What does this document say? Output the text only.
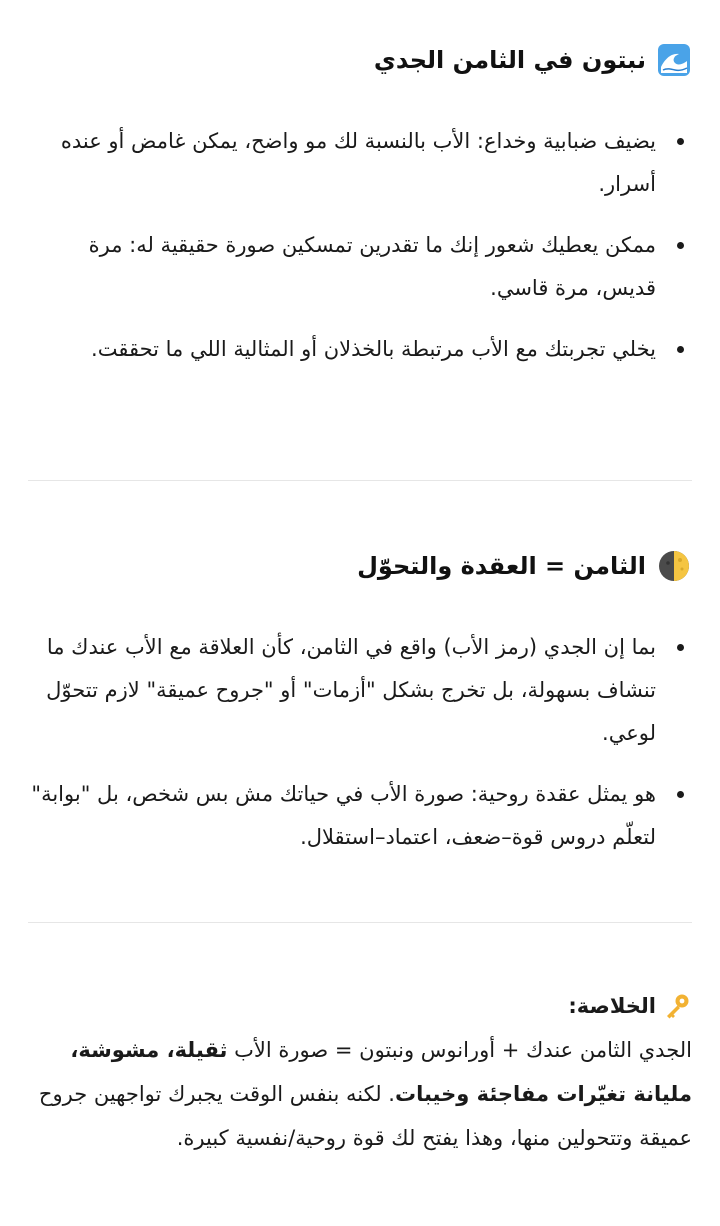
نبتون في الثامن الجدي
يضيف ضبابية وخداع: الأب بالنسبة لك مو واضح، يمكن غامض أو عنده أسرار.
ممكن يعطيك شعور إنك ما تقدرين تمسكين صورة حقيقية له: مرة قديس، مرة قاسي.
يخلي تجربتك مع الأب مرتبطة بالخذلان أو المثالية اللي ما تحققت.
الثامن = العقدة والتحوّل
بما إن الجدي (رمز الأب) واقع في الثامن، كأن العلاقة مع الأب عندك ما تنشاف بسهولة، بل تخرج بشكل "أزمات" أو "جروح عميقة" لازم تتحوّل لوعي.
هو يمثل عقدة روحية: صورة الأب في حياتك مش بس شخص، بل "بوابة" لتعلّم دروس قوة–ضعف، اعتماد–استقلال.
الخلاصة:

الجدي الثامن عندك + أورانوس ونبتون = صورة الأب ثقيلة، مشوشة، مليانة تغيّرات مفاجئة وخيبات. لكنه بنفس الوقت يجبرك تواجهين جروح عميقة وتتحولين منها، وهذا يفتح لك قوة روحية/نفسية كبيرة.
